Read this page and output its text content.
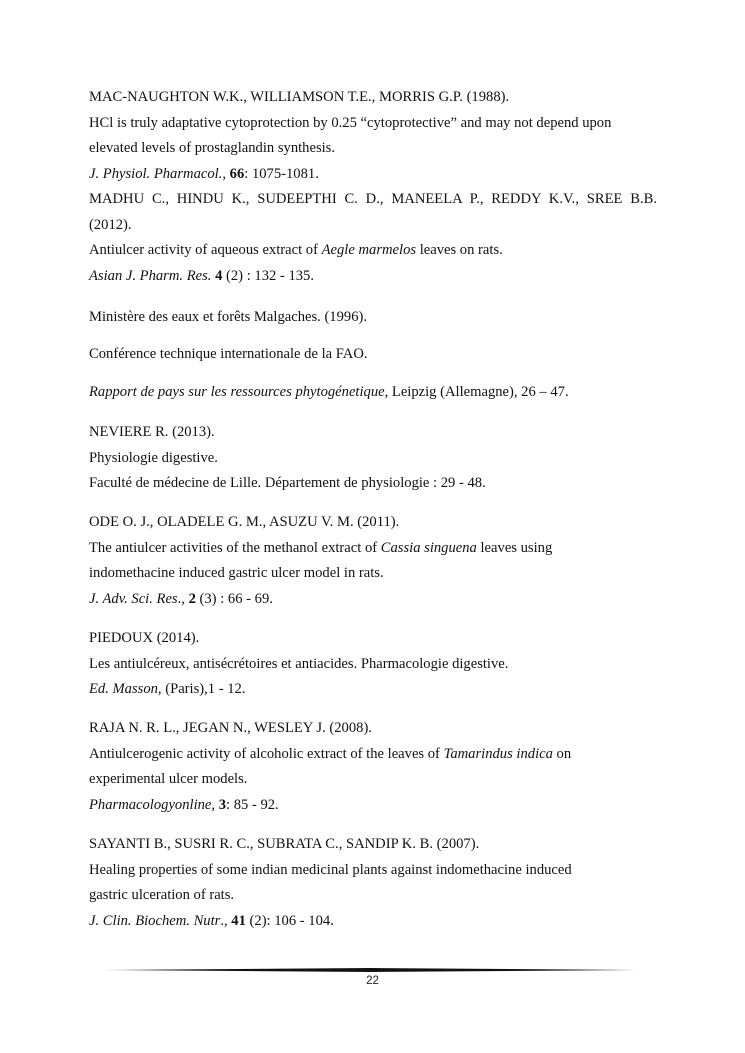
MAC-NAUGHTON W.K., WILLIAMSON T.E., MORRIS G.P. (1988).
HCl is truly adaptative cytoprotection by 0.25 “cytoprotective” and may not depend upon
elevated levels of prostaglandin synthesis.
J. Physiol. Pharmacol., 66: 1075-1081.
MADHU C., HINDU K., SUDEEPTHI C. D., MANEELA P., REDDY K.V., SREE B.B.
(2012).
Antiulcer activity of aqueous extract of Aegle marmelos leaves on rats.
Asian J. Pharm. Res. 4 (2) : 132 - 135.
Ministère des eaux et forêts Malgaches. (1996).
Conférence technique internationale de la FAO.
Rapport de pays sur les ressources phytogénetique, Leipzig (Allemagne), 26 – 47.
NEVIERE R. (2013).
Physiologie digestive.
Faculté de médecine de Lille. Département de physiologie : 29 - 48.
ODE O. J., OLADELE G. M., ASUZU V. M. (2011).
The antiulcer activities of the methanol extract of Cassia singuena leaves using
indomethacine induced gastric ulcer model in rats.
J. Adv. Sci. Res., 2 (3) : 66 - 69.
PIEDOUX (2014).
Les antiulcéreux, antisécrétoires et antiacides. Pharmacologie digestive.
Ed. Masson, (Paris),1 - 12.
RAJA N. R. L., JEGAN N., WESLEY J. (2008).
Antiulcerogenic activity of alcoholic extract of the leaves of Tamarindus indica on
experimental ulcer models.
Pharmacologyonline, 3: 85 - 92.
SAYANTI B., SUSRI R. C., SUBRATA C., SANDIP K. B. (2007).
Healing properties of some indian medicinal plants against indomethacine induced
gastric ulceration of rats.
J. Clin. Biochem. Nutr., 41 (2): 106 - 104.
22
